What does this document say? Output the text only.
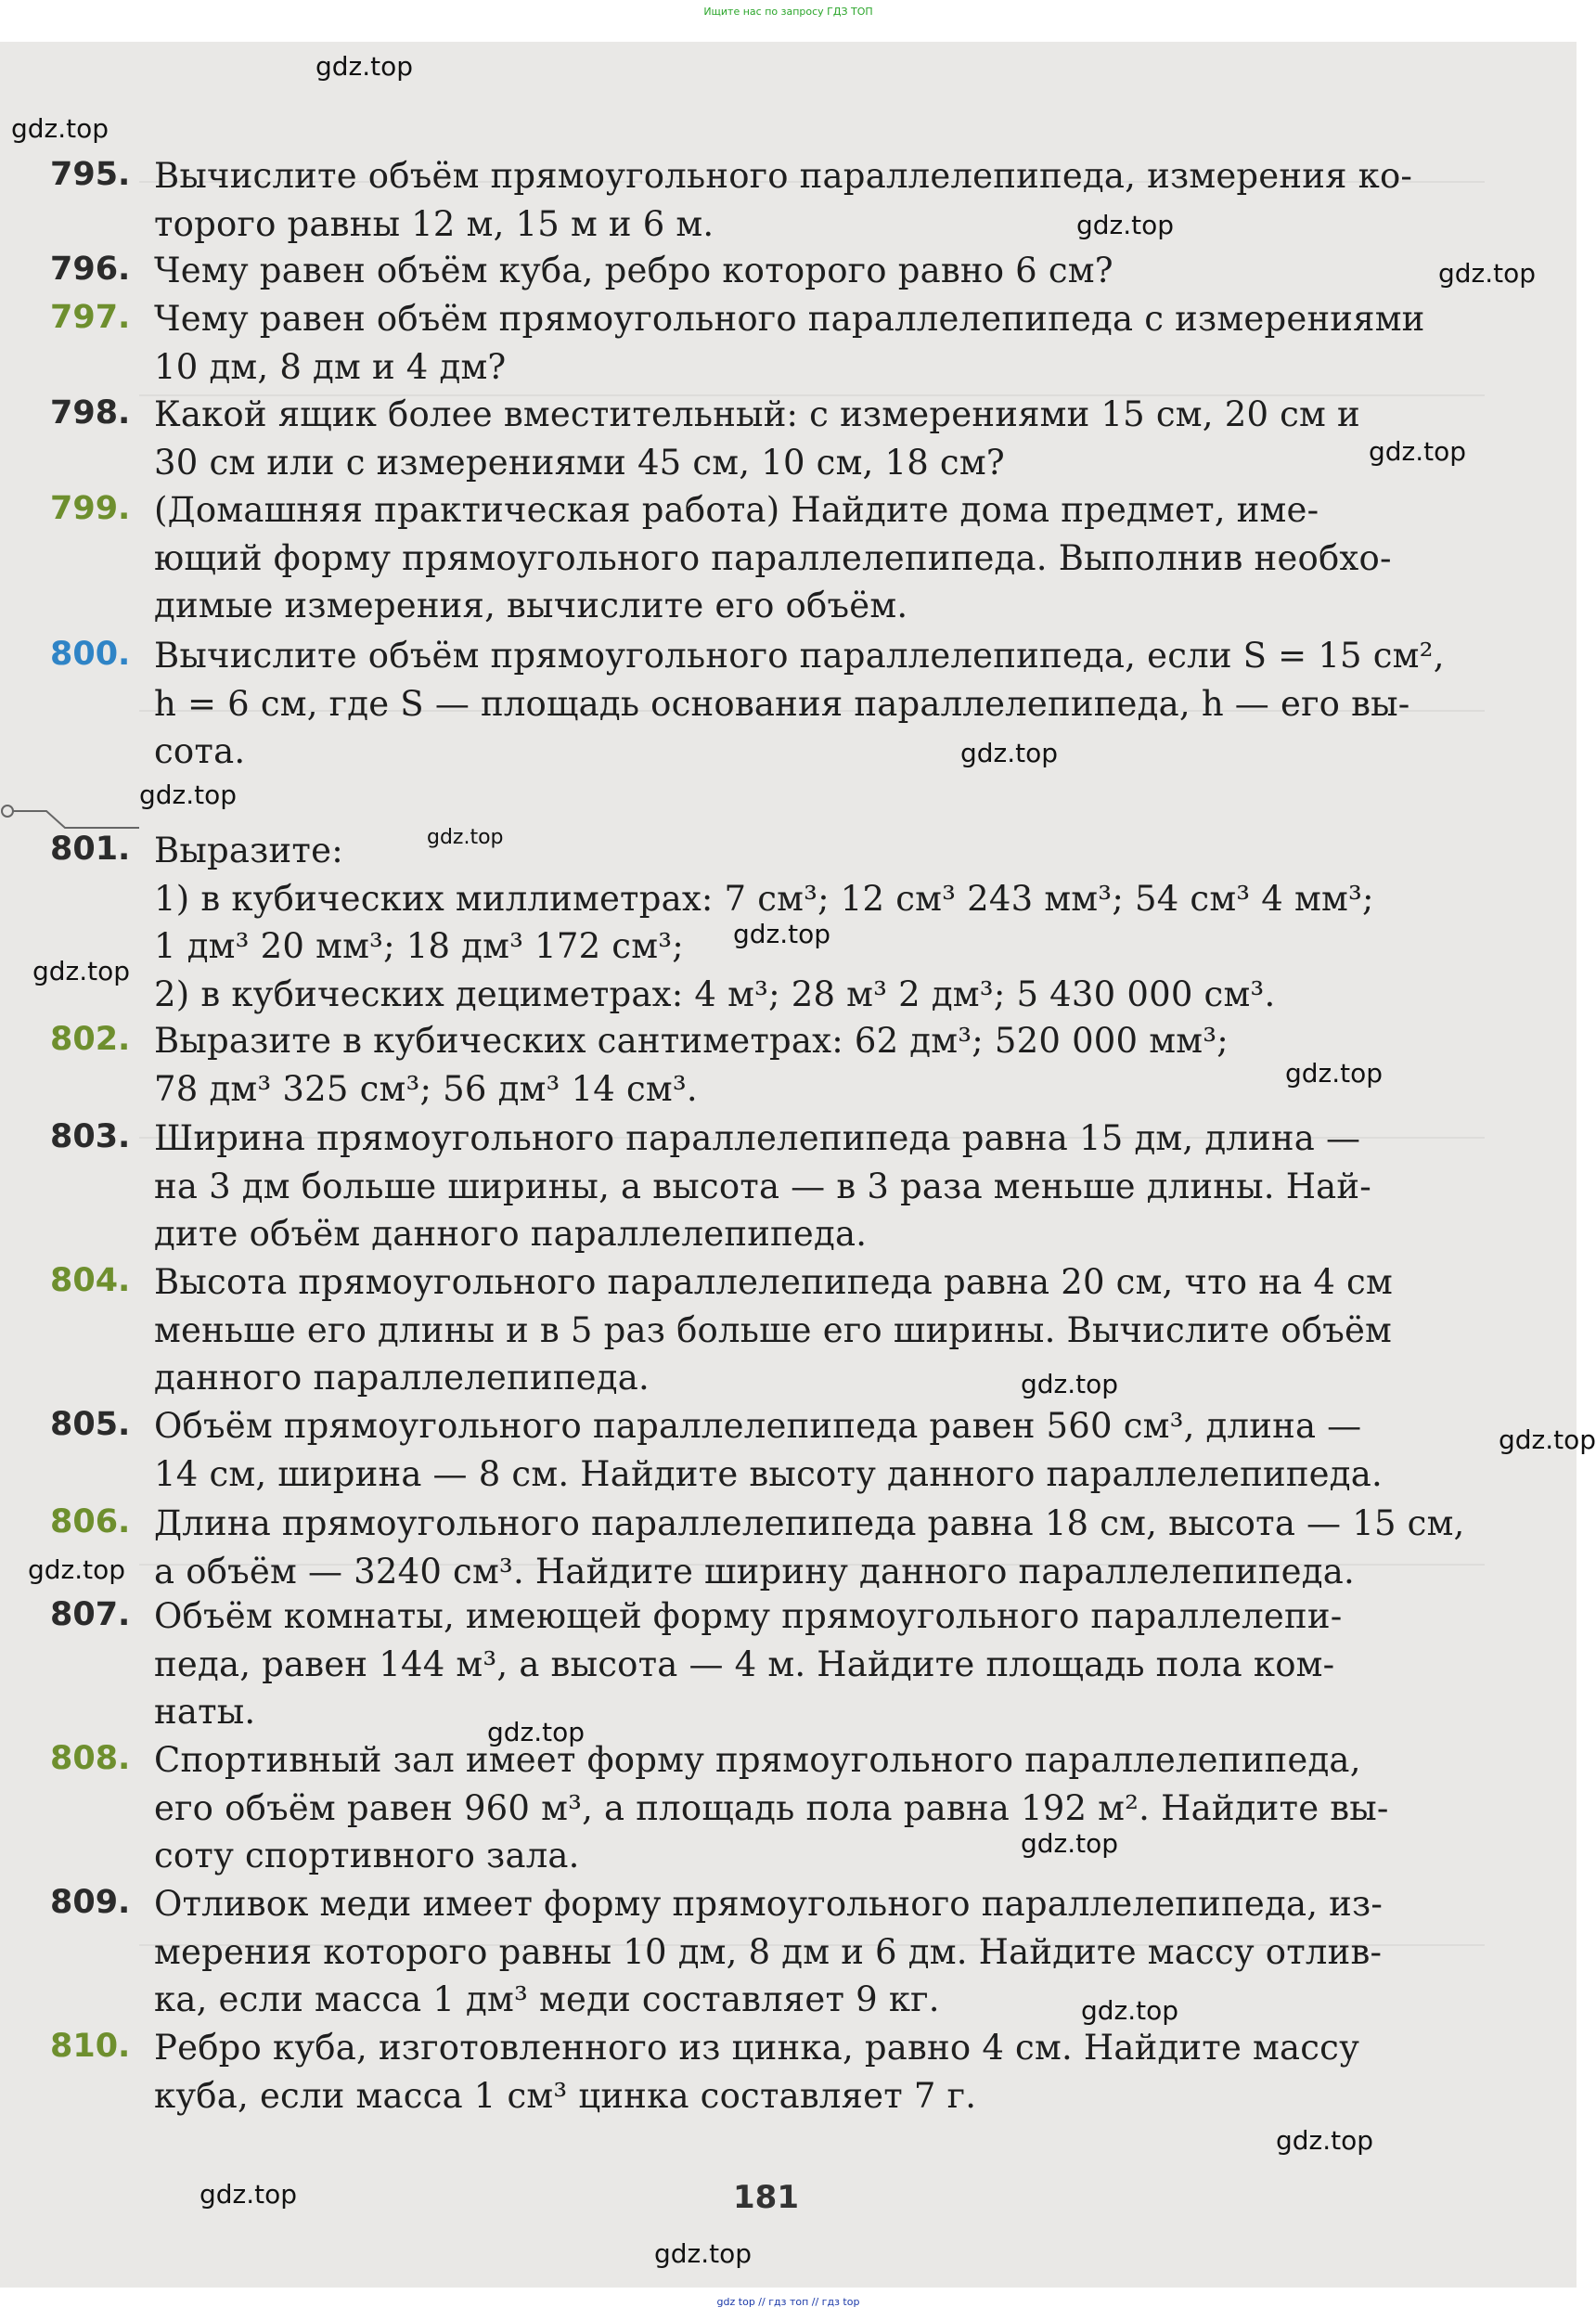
Ищите нас по запросу ГДЗ ТОП
795. Вычислите объём прямоугольного параллелепипеда, измерения ко-
торого равны 12 м, 15 м и 6 м.
796. Чему равен объём куба, ребро которого равно 6 см?
797. Чему равен объём прямоугольного параллелепипеда с измерениями
10 дм, 8 дм и 4 дм?
798. Какой ящик более вместительный: с измерениями 15 см, 20 см и
30 см или с измерениями 45 см, 10 см, 18 см?
799. (Домашняя практическая работа) Найдите дома предмет, име-
ющий форму прямоугольного параллелепипеда. Выполнив необхо-
димые измерения, вычислите его объём.
800. Вычислите объём прямоугольного параллелепипеда, если S = 15 см²,
h = 6 см, где S — площадь основания параллелепипеда, h — его вы-
сота.
801. Выразите:
1) в кубических миллиметрах: 7 см³; 12 см³ 243 мм³; 54 см³ 4 мм³;
1 дм³ 20 мм³; 18 дм³ 172 см³;
2) в кубических дециметрах: 4 м³; 28 м³ 2 дм³; 5 430 000 см³.
802. Выразите в кубических сантиметрах: 62 дм³; 520 000 мм³;
78 дм³ 325 см³; 56 дм³ 14 см³.
803. Ширина прямоугольного параллелепипеда равна 15 дм, длина —
на 3 дм больше ширины, а высота — в 3 раза меньше длины. Най-
дите объём данного параллелепипеда.
804. Высота прямоугольного параллелепипеда равна 20 см, что на 4 см
меньше его длины и в 5 раз больше его ширины. Вычислите объём
данного параллелепипеда.
805. Объём прямоугольного параллелепипеда равен 560 см³, длина —
14 см, ширина — 8 см. Найдите высоту данного параллелепипеда.
806. Длина прямоугольного параллелепипеда равна 18 см, высота — 15 см,
а объём — 3240 см³. Найдите ширину данного параллелепипеда.
807. Объём комнаты, имеющей форму прямоугольного параллелепи-
педа, равен 144 м³, а высота — 4 м. Найдите площадь пола ком-
наты.
808. Спортивный зал имеет форму прямоугольного параллелепипеда,
его объём равен 960 м³, а площадь пола равна 192 м². Найдите вы-
соту спортивного зала.
809. Отливок меди имеет форму прямоугольного параллелепипеда, из-
мерения которого равны 10 дм, 8 дм и 6 дм. Найдите массу отлив-
ка, если масса 1 дм³ меди составляет 9 кг.
810. Ребро куба, изготовленного из цинка, равно 4 см. Найдите массу
куба, если масса 1 см³ цинка составляет 7 г.
181
gdz.top
gdz.top
gdz.top
gdz.top
gdz.top
gdz.top
gdz.top
gdz.top
gdz.top
gdz.top
gdz.top
gdz.top
gdz.top
gdz.top
gdz.top
gdz.top
gdz.top
gdz.top
gdz.top
gdz.top
gdz top // гдз топ // гдз top
